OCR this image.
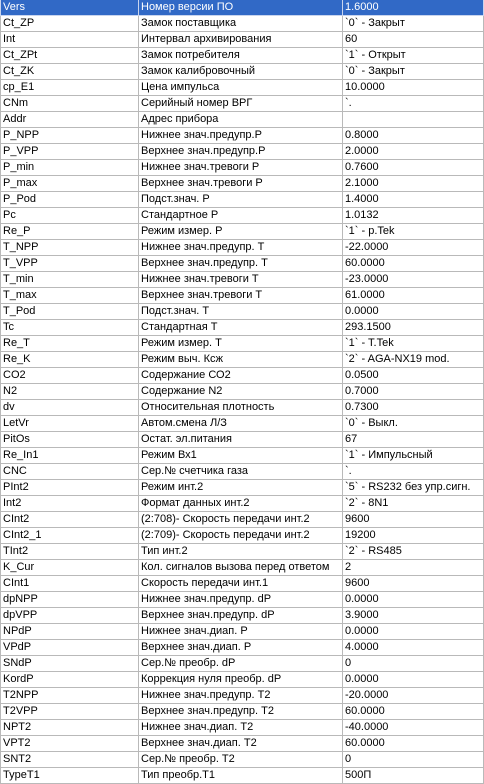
Vers	Номер версии ПО	1.6000
Ct_ZP	Замок поставщика	`0` - Закрыт
Int	Интервал архивирования	60
Ct_ZPt	Замок потребителя	`1` - Открыт
Ct_ZK	Замок калибровочный	`0` - Закрыт
cp_E1	Цена импульса	10.0000
CNm	Серийный номер ВРГ	`.
Addr	Адрес прибора	
P_NPP	Нижнее знач.предупр.Р	0.8000
P_VPP	Верхнее знач.предупр.Р	2.0000
P_min	Нижнее знач.тревоги Р	0.7600
P_max	Верхнее знач.тревоги Р	2.1000
P_Pod	Подст.знач. Р	1.4000
Pc	Стандартное Р	1.0132
Re_P	Режим измер. Р	`1` - p.Tek
T_NPP	Нижнее знач.предупр. Т	-22.0000
T_VPP	Верхнее знач.предупр. Т	60.0000
T_min	Нижнее знач.тревоги Т	-23.0000
T_max	Верхнее знач.тревоги Т	61.0000
T_Pod	Подст.знач. Т	0.0000
Tc	Стандартная Т	293.1500
Re_T	Режим измер. Т	`1` - T.Tek
Re_K	Режим выч. Ксж	`2` - AGA-NX19 mod.
CO2	Содержание СО2	0.0500
N2	Содержание N2	0.7000
dv	Относительная плотность	0.7300
LetVr	Автом.смена Л/З	`0` - Выкл.
PitOs	Остат. эл.питания	67
Re_In1	Режим Вх1	`1` - Импульсный
CNC	Сер.№ счетчика газа	`.
PInt2	Режим инт.2	`5` - RS232 без упр.сигн.
Int2	Формат данных инт.2	`2` - 8N1
CInt2	(2:708)- Скорость передачи инт.2	9600
CInt2_1	(2:709)- Скорость передачи инт.2	19200
TInt2	Тип инт.2	`2` - RS485
K_Cur	Кол. сигналов вызова перед ответом	2
CInt1	Скорость передачи инт.1	9600
dpNPP	Нижнее знач.предупр. dP	0.0000
dpVPP	Верхнее знач.предупр. dP	3.9000
NPdP	Нижнее знач.диап. Р	0.0000
VPdP	Верхнее знач.диап. Р	4.0000
SNdP	Сер.№ преобр. dP	0
KordP	Коррекция нуля преобр. dP	0.0000
T2NPP	Нижнее знач.предупр. Т2	-20.0000
T2VPP	Верхнее знач.предупр. Т2	60.0000
NPT2	Нижнее знач.диап. Т2	-40.0000
VPT2	Верхнее знач.диап. Т2	60.0000
SNT2	Сер.№ преобр. Т2	0
TypeT1	Тип преобр.Т1	500П
